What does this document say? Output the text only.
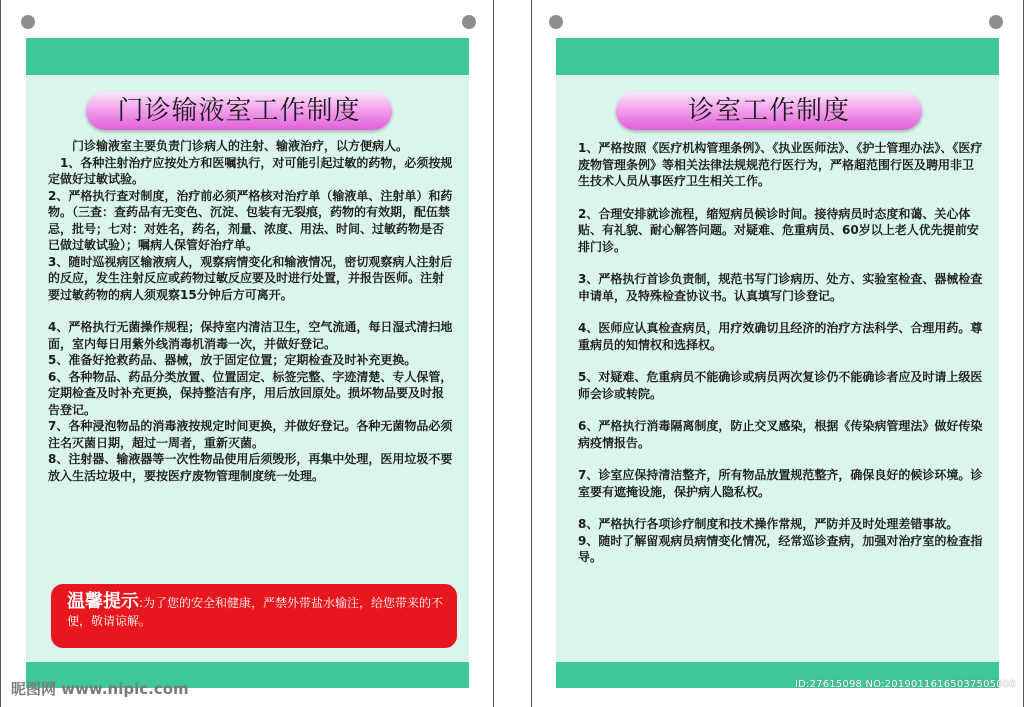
门诊输液室工作制度

　　门诊输液室主要负责门诊病人的注射、输液治疗，以方便病人。

　1、各种注射治疗应按处方和医嘱执行，对可能引起过敏的药物，必须按规定做好过敏试验。

2、严格执行查对制度，治疗前必须严格核对治疗单（输液单、注射单）和药物。（三查：查药品有无变色、沉淀、包装有无裂痕，药物的有效期，配伍禁忌，批号；七对：对姓名，药名，剂量、浓度、用法、时间、过敏药物是否已做过敏试验）；嘱病人保管好治疗单。

3、随时巡视病区输液病人，观察病情变化和输液情况，密切观察病人注射后的反应，发生注射反应或药物过敏反应要及时进行处置，并报告医师。注射要过敏药物的病人须观察15分钟后方可离开。

4、严格执行无菌操作规程；保持室内清洁卫生，空气流通，每日湿式清扫地面，室内每日用紫外线消毒机消毒一次，并做好登记。

5、准备好抢救药品、器械，放于固定位置；定期检查及时补充更换。

6、各种物品、药品分类放置、位置固定、标签完整、字迹清楚、专人保管，定期检查及时补充更换，保持整洁有序，用后放回原处。损坏物品要及时报告登记。

7、各种浸泡物品的消毒液按规定时间更换，并做好登记。各种无菌物品必须注名灭菌日期，超过一周者，重新灭菌。

8、注射器、输液器等一次性物品使用后须毁形，再集中处理，医用垃圾不要放入生活垃圾中，要按医疗废物管理制度统一处理。

温馨提示:为了您的安全和健康，严禁外带盐水输注，给您带来的不便，敬请谅解。
昵图网 www.nipic.com
诊室工作制度

1、严格按照《医疗机构管理条例》、《执业医师法》、《护士管理办法》、《医疗废物管理条例》等相关法律法规规范行医行为，严格超范围行医及聘用非卫生技术人员从事医疗卫生相关工作。

2、合理安排就诊流程，缩短病员候诊时间。接待病员时态度和蔼、关心体贴、有礼貌、耐心解答问题。对疑难、危重病员、60岁以上老人优先提前安排门诊。

3、严格执行首诊负责制，规范书写门诊病历、处方、实验室检查、器械检查申请单，及特殊检查协议书。认真填写门诊登记。

4、医师应认真检查病员，用疗效确切且经济的治疗方法科学、合理用药。尊重病员的知情权和选择权。

5、对疑难、危重病员不能确诊或病员两次复诊仍不能确诊者应及时请上级医师会诊或转院。

6、严格执行消毒隔离制度，防止交叉感染，根据《传染病管理法》做好传染病疫情报告。

7、诊室应保持清洁整齐，所有物品放置规范整齐，确保良好的候诊环境。诊室要有遮掩设施，保护病人隐私权。

8、严格执行各项诊疗制度和技术操作常规，严防并及时处理差错事故。

9、随时了解留观病员病情变化情况，经常巡诊查病，加强对治疗室的检查指导。

ID:27615098 NO:20190116165037505000
